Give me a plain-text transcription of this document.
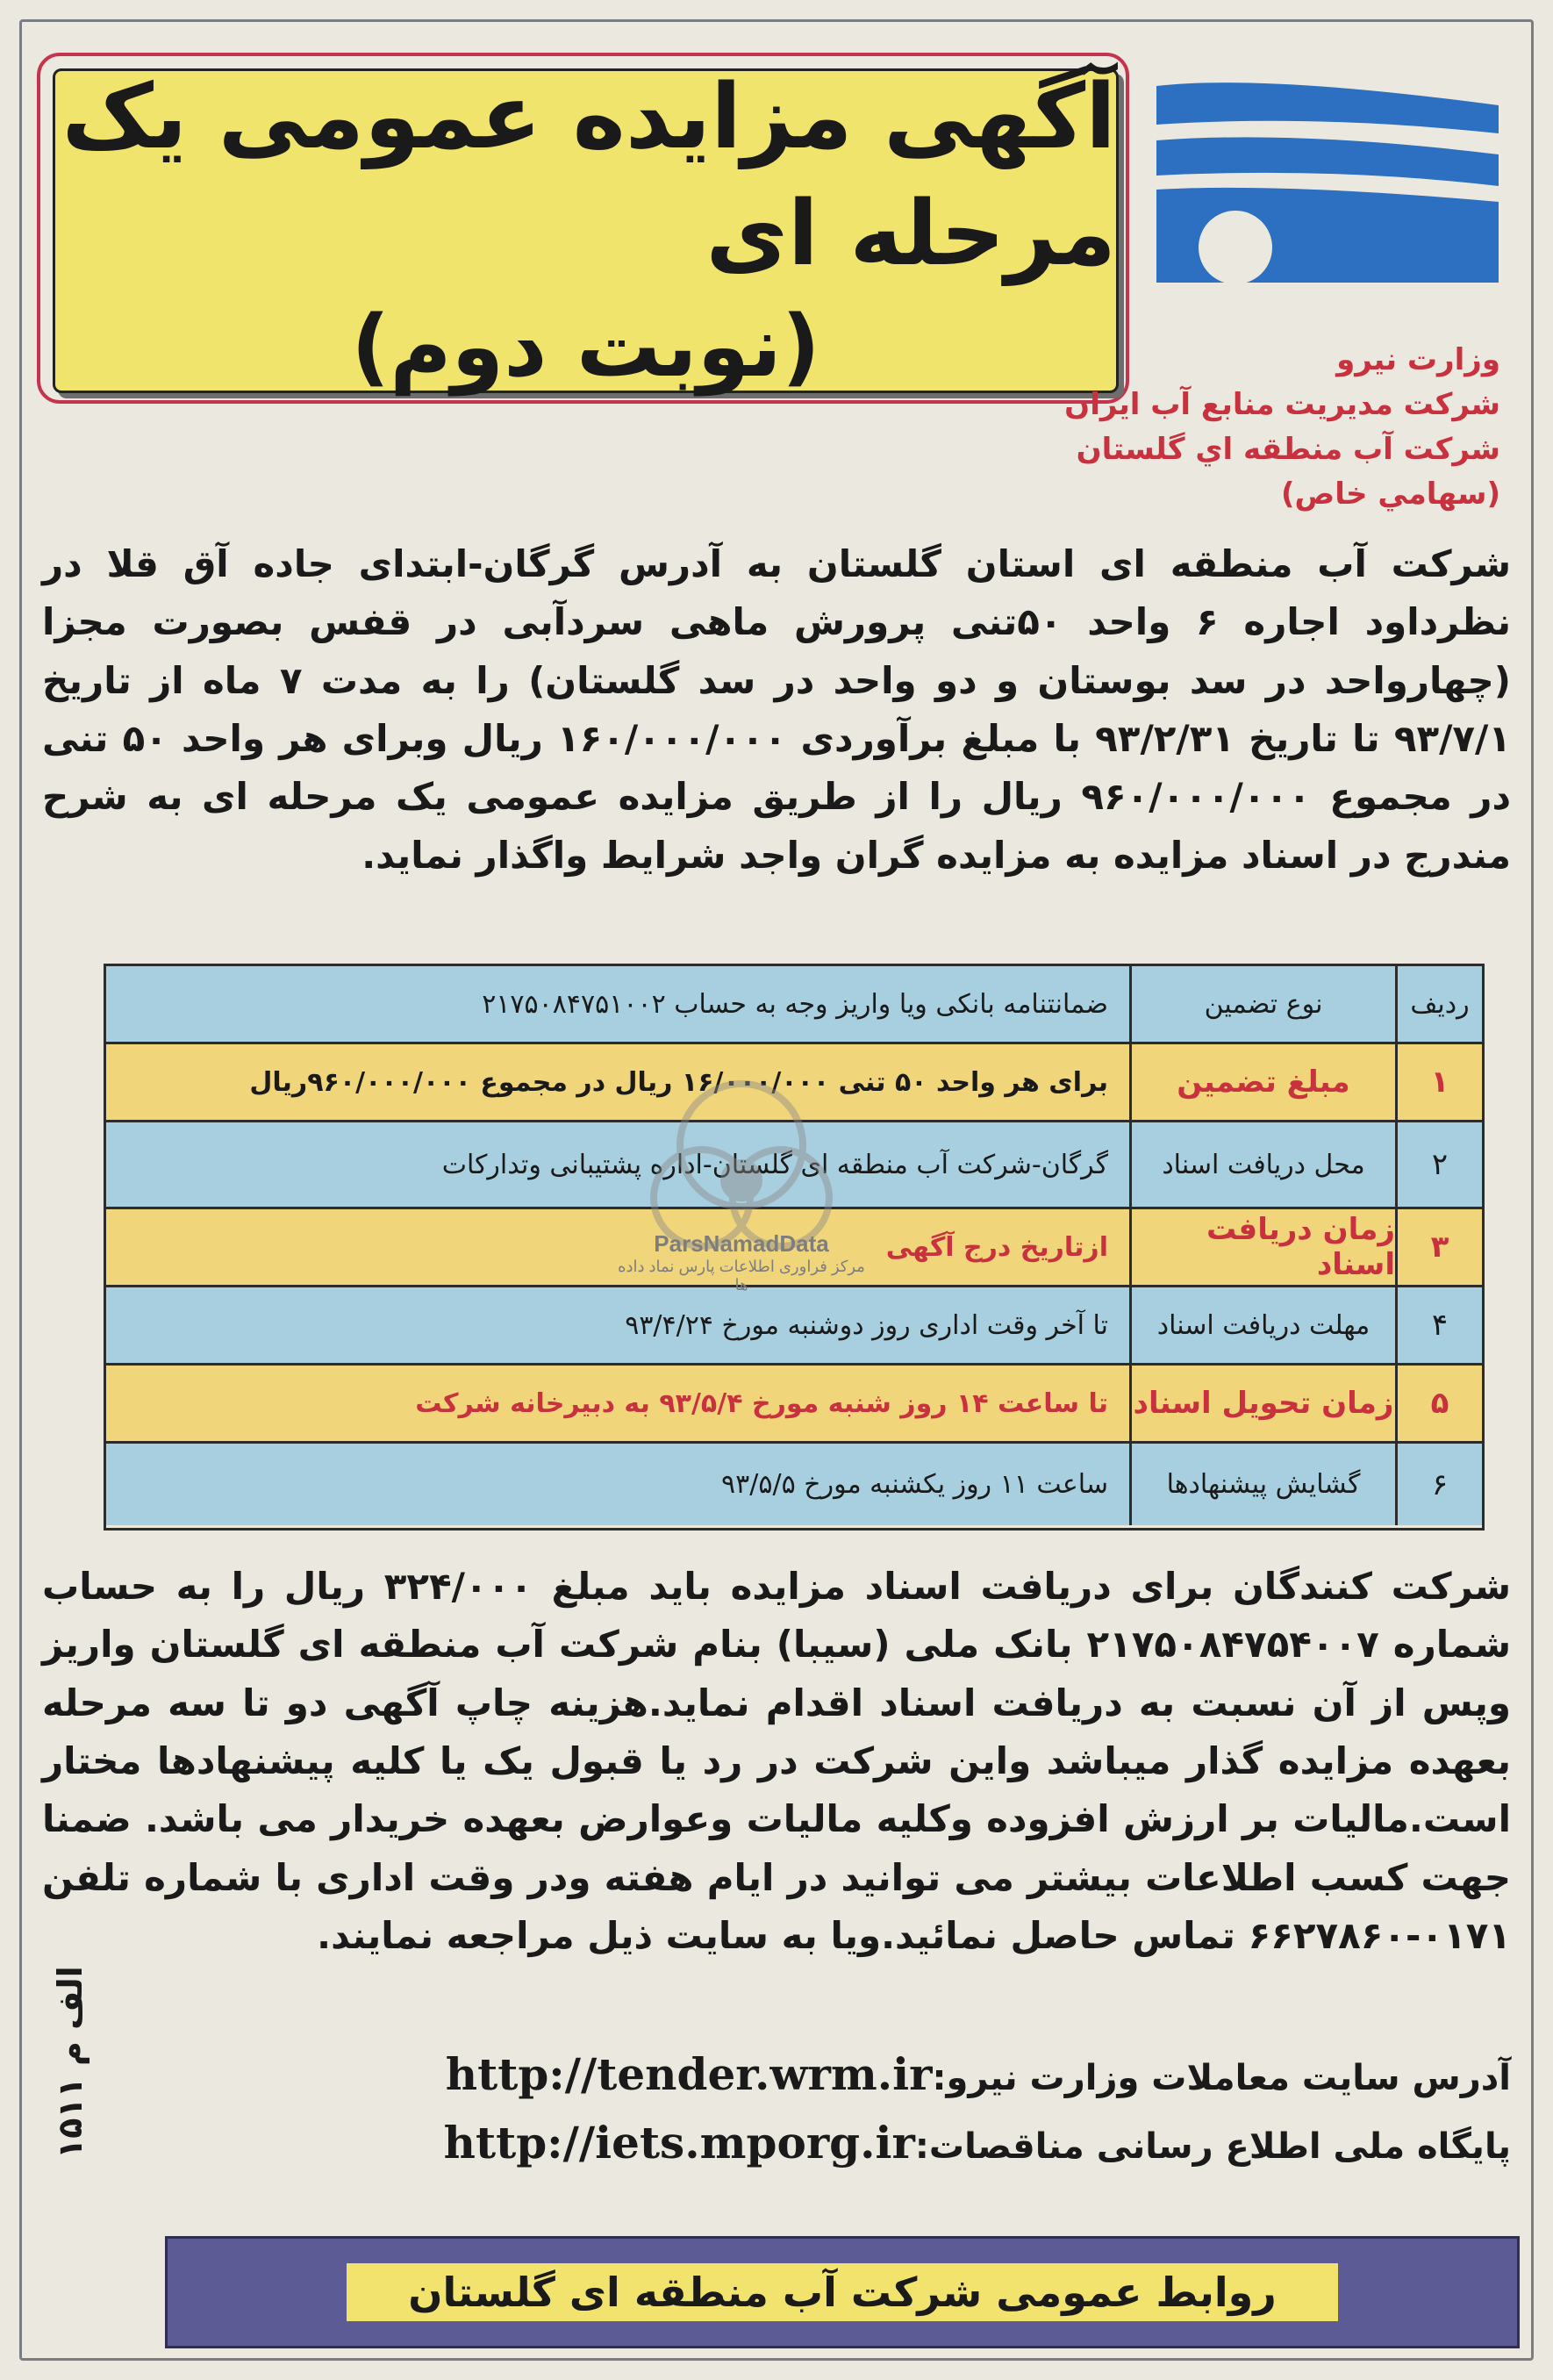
آگهی مزایده عمومی یک مرحله ای

(نوبت دوم)	وزارت نیرو
شرکت مدیریت منابع آب ایران
شرکت آب منطقه اي گلستان
(سهامي خاص)

شرکت آب منطقه ای استان گلستان به آدرس گرگان-ابتدای جاده آق قلا در نظرداود اجاره ۶ واحد ۵۰تنی پرورش ماهی سردآبی در قفس بصورت مجزا (چهارواحد در سد بوستان و دو واحد در سد گلستان) را به مدت ۷ ماه از تاریخ ۹۳/۷/۱ تا تاریخ ۹۳/۲/۳۱ با مبلغ برآوردی ۱۶۰/۰۰۰/۰۰۰ ریال وبرای هر واحد ۵۰ تنی در مجموع ۹۶۰/۰۰۰/۰۰۰ ریال را از طریق مزایده عمومی یک مرحله ای به شرح مندرج در اسناد مزایده به مزایده گران واجد شرایط واگذار نماید.

ردیف
نوع تضمین
ضمانتنامه بانکی ویا واریز وجه به حساب ۲۱۷۵۰۸۴۷۵۱۰۰۲
۱
مبلغ تضمین
برای هر واحد ۵۰ تنی ۱۶/۰۰۰/۰۰۰ ریال در مجموع ۹۶۰/۰۰۰/۰۰۰ریال
۲
محل دریافت اسناد
گرگان-شرکت آب منطقه ای گلستان-اداره پشتیبانی وتدارکات
۳
زمان دریافت اسناد
ازتاریخ درج آگهی
۴
مهلت دریافت اسناد
تا آخر وقت اداری روز دوشنبه مورخ ۹۳/۴/۲۴
۵
زمان تحویل اسناد
تا ساعت ۱۴ روز شنبه مورخ ۹۳/۵/۴ به دبیرخانه شرکت
۶
گشایش پیشنهادها
ساعت ۱۱ روز یکشنبه مورخ ۹۳/۵/۵
ParsNamadData
مرکز فراوری اطلاعات پارس نماد داده ها

شرکت کنندگان برای دریافت اسناد مزایده باید مبلغ ۳۲۴/۰۰۰ ریال را به حساب شماره ۲۱۷۵۰۸۴۷۵۴۰۰۷ بانک ملی (سیبا) بنام شرکت آب منطقه ای گلستان واریز وپس از آن نسبت به دریافت اسناد اقدام نماید.هزینه چاپ آگهی دو تا سه مرحله بعهده مزایده گذار میباشد واین شرکت در رد یا قبول یک یا کلیه پیشنهادها مختار است.مالیات بر ارزش افزوده وکلیه مالیات وعوارض بعهده خریدار می باشد. ضمنا جهت کسب اطلاعات بیشتر می توانید در ایام هفته ودر وقت اداری با شماره تلفن ۰۱۷۱-۶۶۲۷۸۶۰ تماس حاصل نمائید.ویا به سایت ذیل مراجعه نمایند.

آدرس سایت معاملات وزارت نیرو:http://tender.wrm.ir

پایگاه ملی اطلاع رسانی مناقصات:http://iets.mporg.ir

الف م ۱۵۱۱
روابط عمومی شرکت آب منطقه ای گلستان
